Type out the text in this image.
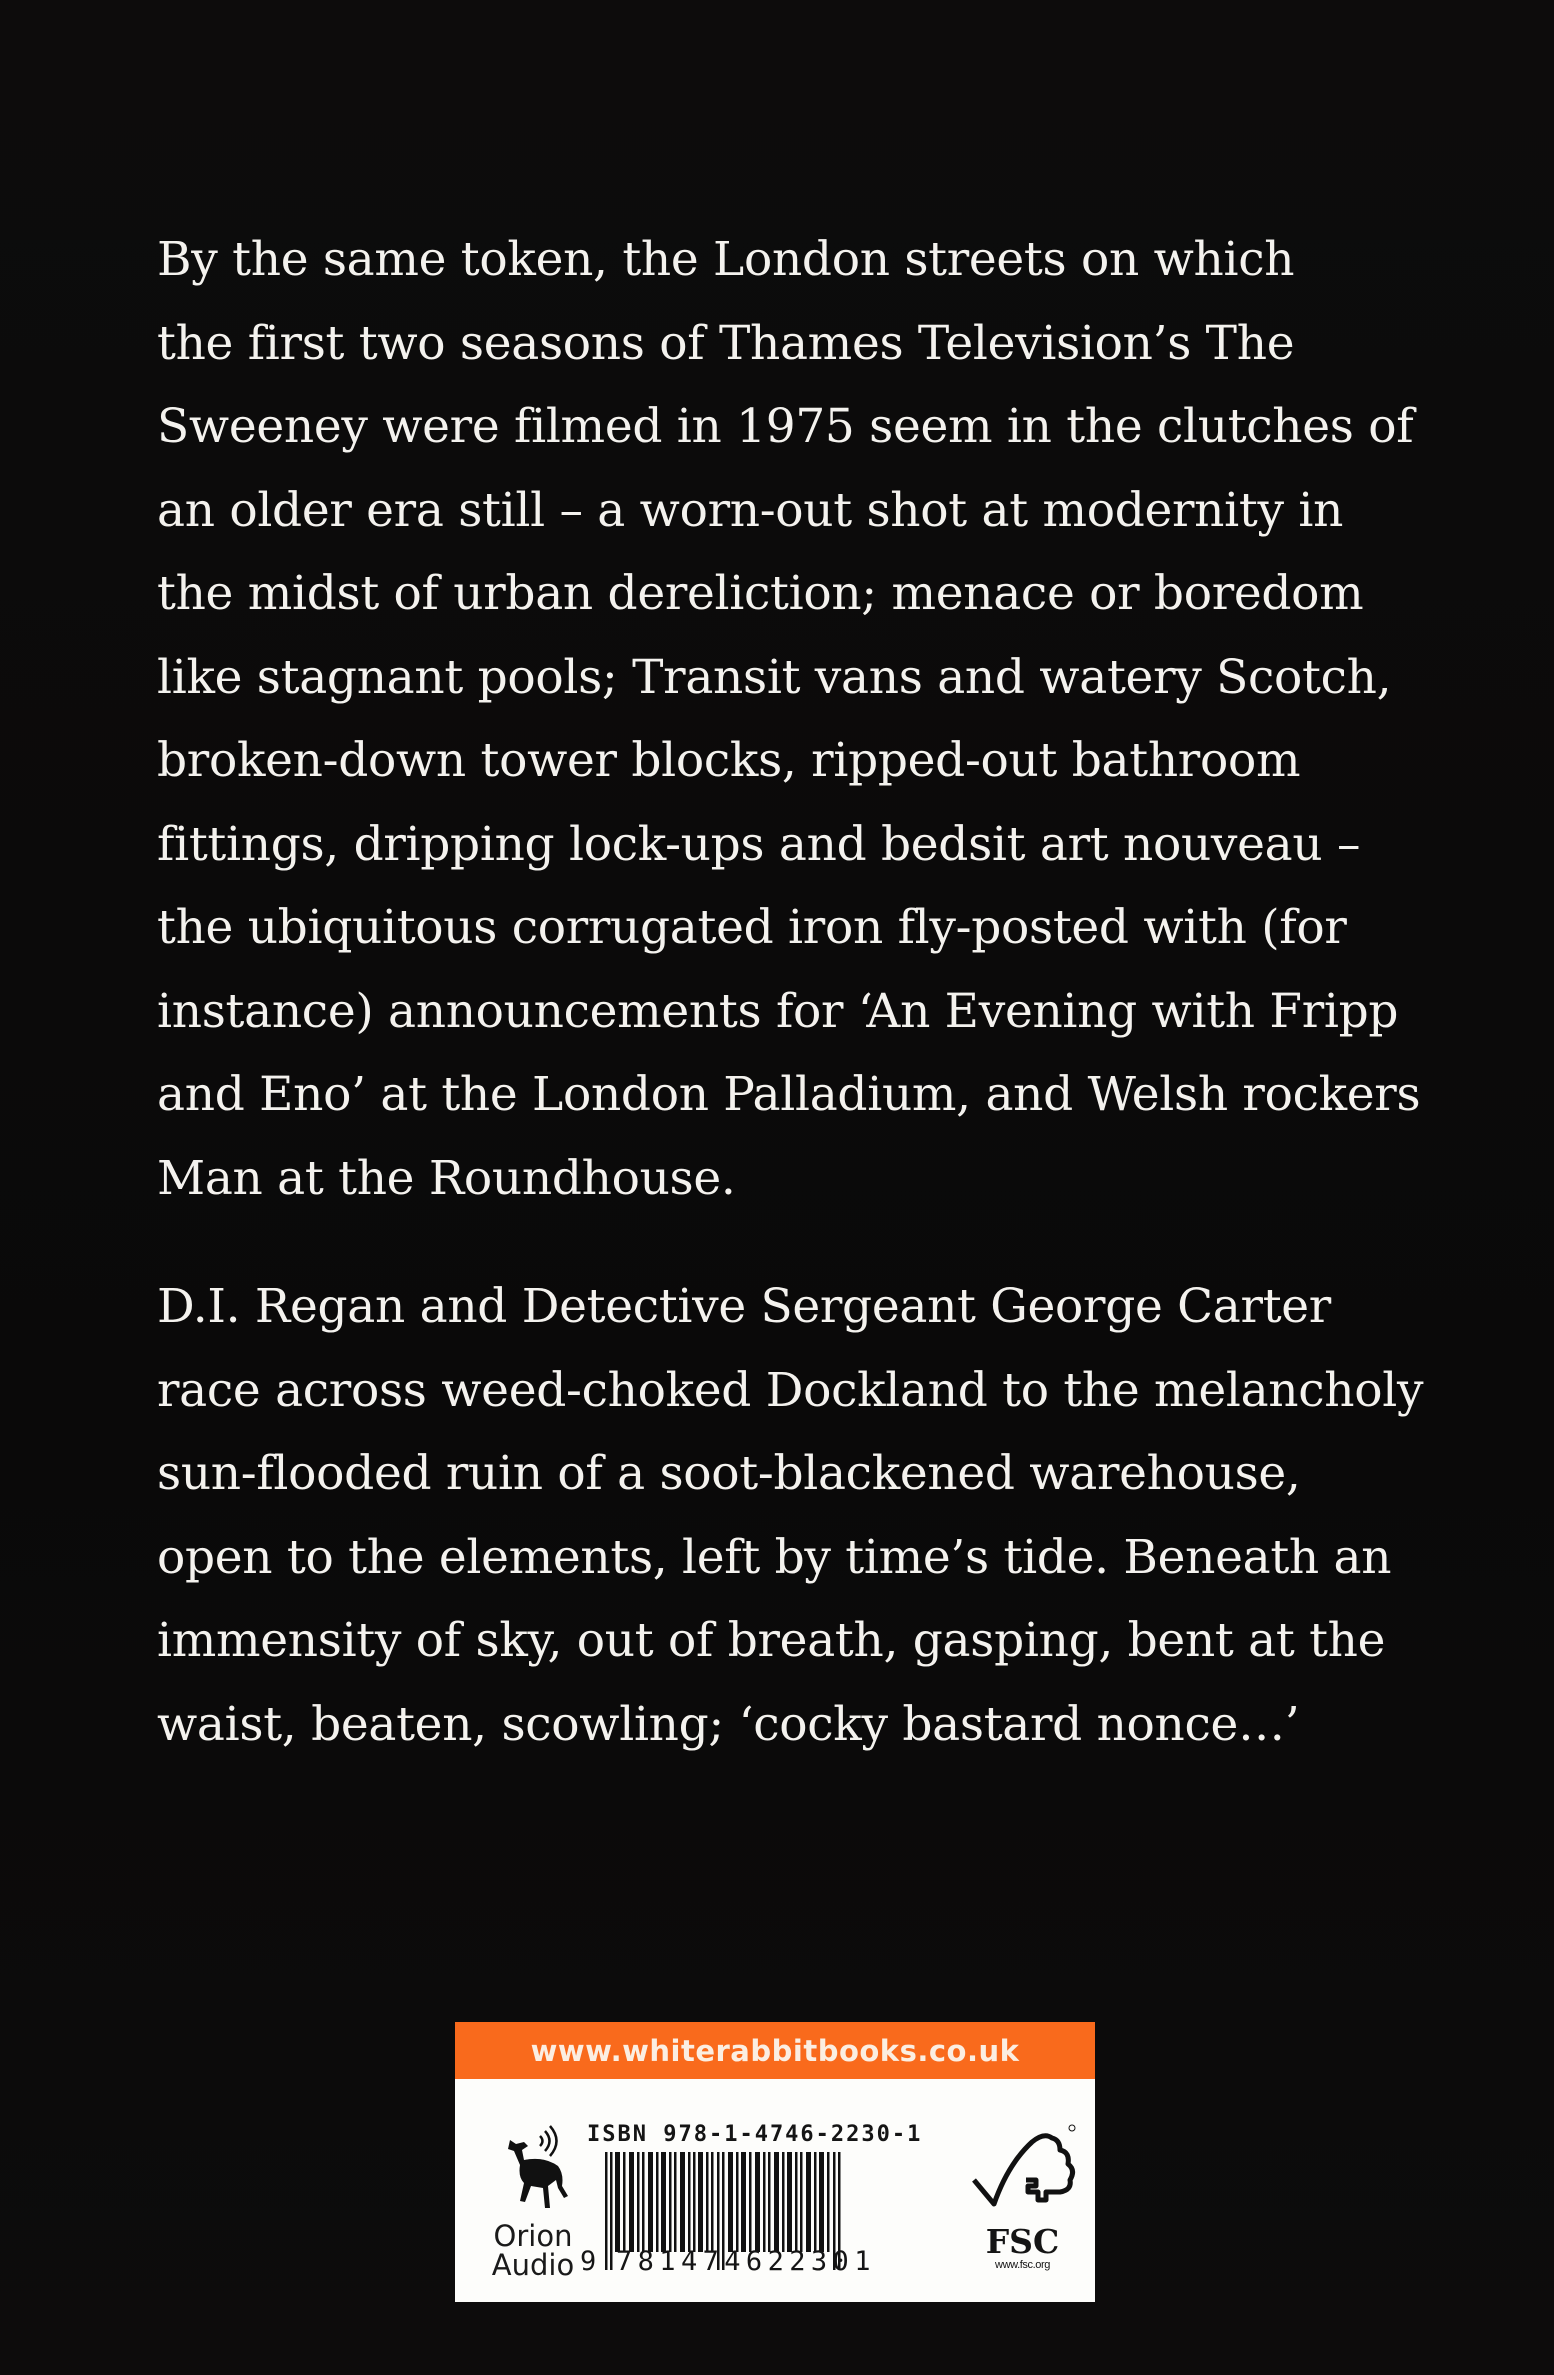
By the same token, the London streets on which
the first two seasons of Thames Television’s The
Sweeney were filmed in 1975 seem in the clutches of
an older era still – a worn-out shot at modernity in
the midst of urban dereliction; menace or boredom
like stagnant pools; Transit vans and watery Scotch,
broken-down tower blocks, ripped-out bathroom
fittings, dripping lock-ups and bedsit art nouveau –
the ubiquitous corrugated iron fly-posted with (for
instance) announcements for ‘An Evening with Fripp
and Eno’ at the London Palladium, and Welsh rockers
Man at the Roundhouse.
D.I. Regan and Detective Sergeant George Carter
race across weed-choked Dockland to the melancholy
sun-flooded ruin of a soot-blackened warehouse,
open to the elements, left by time’s tide. Beneath an
immensity of sky, out of breath, gasping, bent at the
waist, beaten, scowling; ‘cocky bastard nonce…’
www.whiterabbitbooks.co.uk
Orion
Audio
ISBN 978-1-4746-2230-1

9

781474622301

FSC
www.fsc.org
